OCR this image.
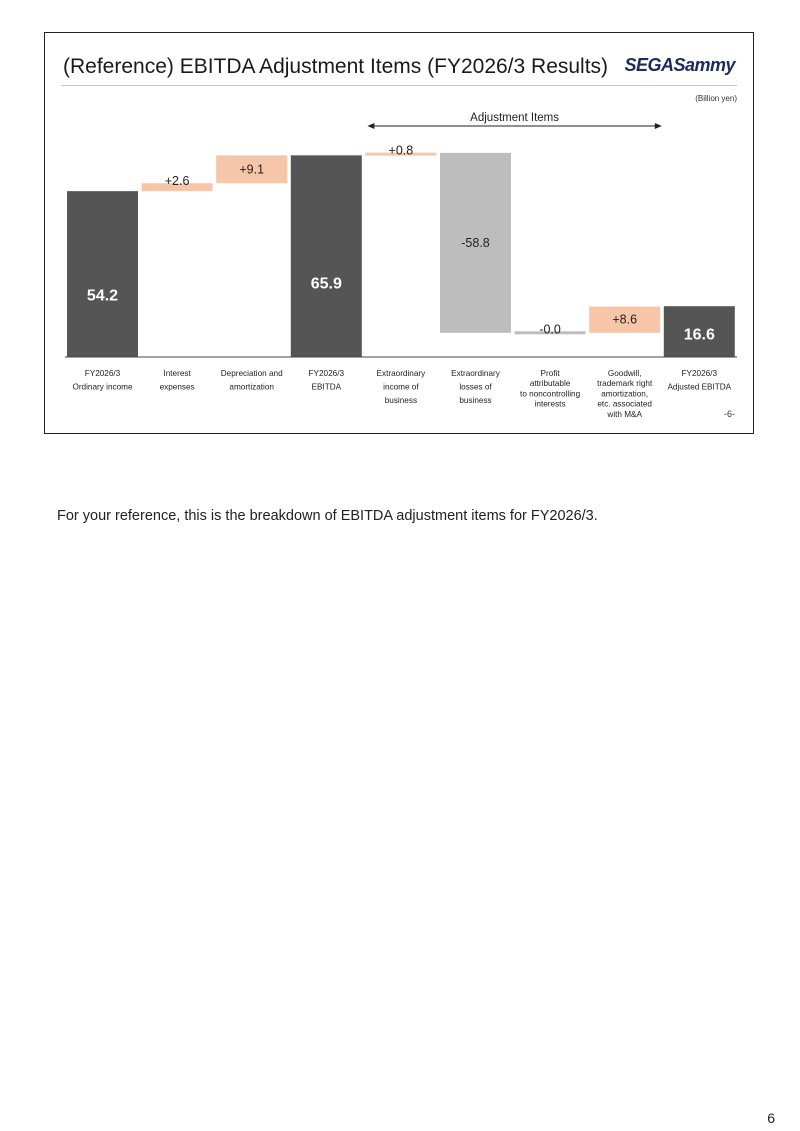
(Reference) EBITDA Adjustment Items (FY2026/3 Results) SEGASammy
(Billion yen)
Adjustment Items
54.2
FY2026/3 Ordinary income
+2.6
Interest expenses
+9.1
Depreciation and amortization
65.9
FY2026/3 EBITDA
+0.8
Extraordinary income of business
-58.8
Extraordinary losses of business
-0.0
Profit attributable to noncontrolling interests
+8.6
Goodwill, trademark right amortization, etc. associated with M&A
16.6
FY2026/3 Adjusted EBITDA
-6-
For your reference, this is the breakdown of EBITDA adjustment items for FY2026/3.
6
